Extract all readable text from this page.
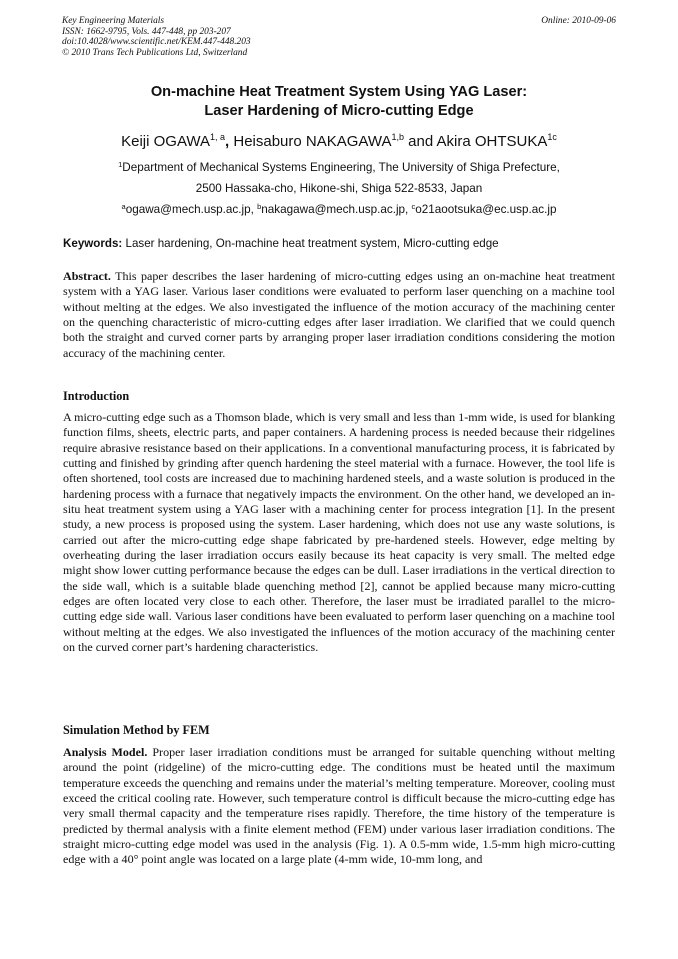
Key Engineering Materials
ISSN: 1662-9795, Vols. 447-448, pp 203-207
doi:10.4028/www.scientific.net/KEM.447-448.203
© 2010 Trans Tech Publications Ltd, Switzerland
Online: 2010-09-06
On-machine Heat Treatment System Using YAG Laser:
Laser Hardening of Micro-cutting Edge
Keiji OGAWA$^{1, a}$, Heisaburo NAKAGAWA$^{1,b}$ and Akira $OHTSUKA^{1c}$
$^1$Department of Mechanical Systems Engineering, The University of Shiga Prefecture,
2500 Hassaka-cho, Hikone-shi, Shiga 522-8533, Japan
$^a$ogawa@mech.usp.ac.jp, $^b$nakagawa@mech.usp.ac.jp, $^c$o21aootsuka@ec.usp.ac.jp
Keywords: Laser hardening, On-machine heat treatment system, Micro-cutting edge

Abstract. This paper describes the laser hardening of micro-cutting edges using an on-machine heat treatment system with a YAG laser. Various laser conditions were evaluated to perform laser quenching on a machine tool without melting at the edges. We also investigated the influence of the motion accuracy of the machining center on the quenching characteristic of micro-cutting edges after laser irradiation. We clarified that we could quench both the straight and curved corner parts by arranging proper laser irradiation conditions considering the motion accuracy of the machining center.

Introduction

A micro-cutting edge such as a Thomson blade, which is very small and less than 1-mm wide, is used for blanking function films, sheets, electric parts, and paper containers. A hardening process is needed because their ridgelines require abrasive resistance based on their applications. In a conventional manufacturing process, it is fabricated by cutting and finished by grinding after quench hardening the steel material with a furnace. However, the tool life is often shortened, tool costs are increased due to machining hardened steels, and a waste solution is produced in the hardening process with a furnace that negatively impacts the environment. On the other hand, we developed an in-situ heat treatment system using a YAG laser with a machining center for process integration [1]. In the present study, a new process is proposed using the system. Laser hardening, which does not use any waste solutions, is carried out after the micro-cutting edge shape fabricated by pre-hardened steels. However, edge melting by overheating during the laser irradiation occurs easily because its heat capacity is very small. The melted edge might show lower cutting performance because the edges can be dull. Laser irradiations in the vertical direction to the side wall, which is a suitable blade quenching method [2], cannot be applied because many micro-cutting edges are often located very close to each other. Therefore, the laser must be irradiated parallel to the micro-cutting edge side wall. Various laser conditions have been evaluated to perform laser quenching on a machine tool without melting at the edges. We also investigated the influences of the motion accuracy of the machining center on the curved corner part’s hardening characteristics.

Simulation Method by FEM

Analysis Model. Proper laser irradiation conditions must be arranged for suitable quenching without melting around the point (ridgeline) of the micro-cutting edge. The conditions must be heated until the maximum temperature exceeds the quenching and remains under the material’s melting temperature. Moreover, cooling must exceed the critical cooling rate. However, such temperature control is difficult because the micro-cutting edge has very small thermal capacity and the temperature rises rapidly. Therefore, the time history of the temperature is predicted by thermal analysis with a finite element method (FEM) under various laser irradiation conditions. The straight micro-cutting edge model was used in the analysis (Fig. 1). A 0.5-mm wide, 1.5-mm high micro-cutting edge with a 40° point angle was located on a large plate (4-mm wide, 10-mm long, and
